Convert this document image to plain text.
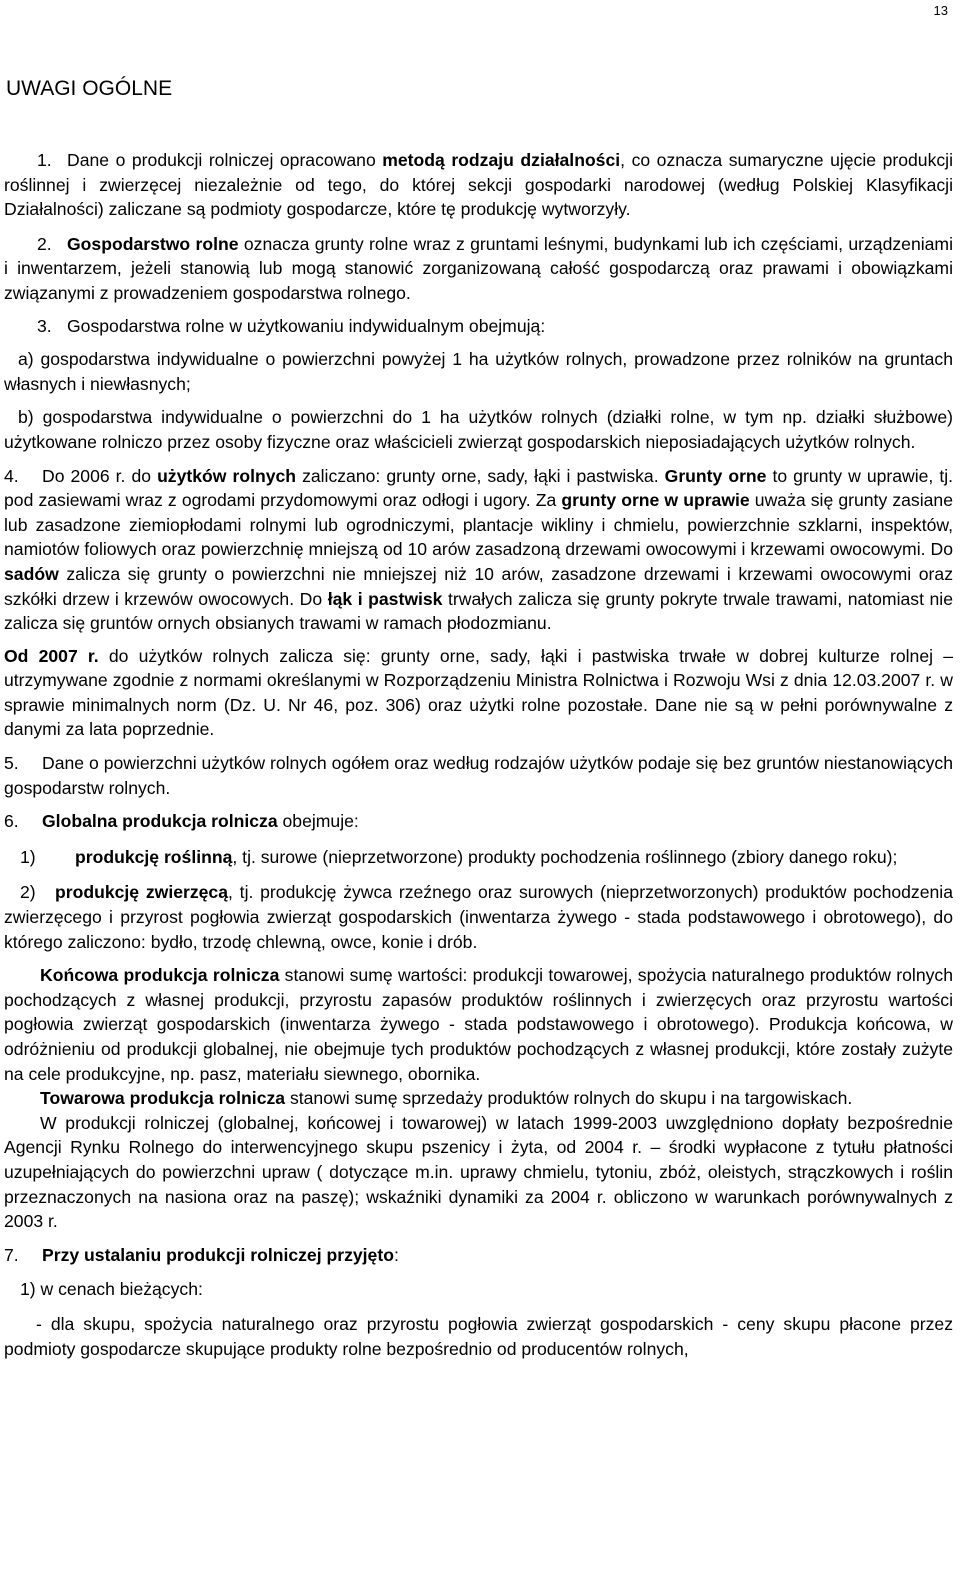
13
UWAGI OGÓLNE

1. Dane o produkcji rolniczej opracowano metodą rodzaju działalności, co oznacza sumaryczne ujęcie produkcji roślinnej i zwierzęcej niezależnie od tego, do której sekcji gospodarki narodowej (według Polskiej Klasyfikacji Działalności) zaliczane są podmioty gospodarcze, które tę produkcję wytworzyły.

2. Gospodarstwo rolne oznacza grunty rolne wraz z gruntami leśnymi, budynkami lub ich częściami, urządzeniami i inwentarzem, jeżeli stanowią lub mogą stanowić zorganizowaną całość gospodarczą oraz prawami i obowiązkami związanymi z prowadzeniem gospodarstwa rolnego.

3. Gospodarstwa rolne w użytkowaniu indywidualnym obejmują:

a) gospodarstwa indywidualne o powierzchni powyżej 1 ha użytków rolnych, prowadzone przez rolników na gruntach własnych i niewłasnych;

b) gospodarstwa indywidualne o powierzchni do 1 ha użytków rolnych (działki rolne, w tym np. działki służbowe) użytkowane rolniczo przez osoby fizyczne oraz właścicieli zwierząt gospodarskich nieposiadających użytków rolnych.

4. Do 2006 r. do użytków rolnych zaliczano: grunty orne, sady, łąki i pastwiska. Grunty orne to grunty w uprawie, tj. pod zasiewami wraz z ogrodami przydomowymi oraz odłogi i ugory. Za grunty orne w uprawie uważa się grunty zasiane lub zasadzone ziemiopłodami rolnymi lub ogrodniczymi, plantacje wikliny i chmielu, powierzchnie szklarni, inspektów, namiotów foliowych oraz powierzchnię mniejszą od 10 arów zasadzoną drzewami owocowymi i krzewami owocowymi. Do sadów zalicza się grunty o powierzchni nie mniejszej niż 10 arów, zasadzone drzewami i krzewami owocowymi oraz szkółki drzew i krzewów owocowych. Do łąk i pastwisk trwałych zalicza się grunty pokryte trwale trawami, natomiast nie zalicza się gruntów ornych obsianych trawami w ramach płodozmianu.

Od 2007 r. do użytków rolnych zalicza się: grunty orne, sady, łąki i pastwiska trwałe w dobrej kulturze rolnej – utrzymywane zgodnie z normami określanymi w Rozporządzeniu Ministra Rolnictwa i Rozwoju Wsi z dnia 12.03.2007 r. w sprawie minimalnych norm (Dz. U. Nr 46, poz. 306) oraz użytki rolne pozostałe. Dane nie są w pełni porównywalne z danymi za lata poprzednie.

5. Dane o powierzchni użytków rolnych ogółem oraz według rodzajów użytków podaje się bez gruntów niestanowiących gospodarstw rolnych.

6. Globalna produkcja rolnicza obejmuje:

1) produkcję roślinną, tj. surowe (nieprzetworzone) produkty pochodzenia roślinnego (zbiory danego roku);

2) produkcję zwierzęcą, tj. produkcję żywca rzeźnego oraz surowych (nieprzetworzonych) produktów pochodzenia zwierzęcego i przyrost pogłowia zwierząt gospodarskich (inwentarza żywego - stada podstawowego i obrotowego), do którego zaliczono: bydło, trzodę chlewną, owce, konie i drób.

Końcowa produkcja rolnicza stanowi sumę wartości: produkcji towarowej, spożycia naturalnego produktów rolnych pochodzących z własnej produkcji, przyrostu zapasów produktów roślinnych i zwierzęcych oraz przyrostu wartości pogłowia zwierząt gospodarskich (inwentarza żywego - stada podstawowego i obrotowego). Produkcja końcowa, w odróżnieniu od produkcji globalnej, nie obejmuje tych produktów pochodzących z własnej produkcji, które zostały zużyte na cele produkcyjne, np. pasz, materiału siewnego, obornika.

Towarowa produkcja rolnicza stanowi sumę sprzedaży produktów rolnych do skupu i na targowiskach.

W produkcji rolniczej (globalnej, końcowej i towarowej) w latach 1999-2003 uwzględniono dopłaty bezpośrednie Agencji Rynku Rolnego do interwencyjnego skupu pszenicy i żyta, od 2004 r. – środki wypłacone z tytułu płatności uzupełniających do powierzchni upraw ( dotyczące m.in. uprawy chmielu, tytoniu, zbóż, oleistych, strączkowych i roślin przeznaczonych na nasiona oraz na paszę); wskaźniki dynamiki za 2004 r. obliczono w warunkach porównywalnych z 2003 r.

7. Przy ustalaniu produkcji rolniczej przyjęto:

1) w cenach bieżących:

- dla skupu, spożycia naturalnego oraz przyrostu pogłowia zwierząt gospodarskich - ceny skupu płacone przez podmioty gospodarcze skupujące produkty rolne bezpośrednio od producentów rolnych,
